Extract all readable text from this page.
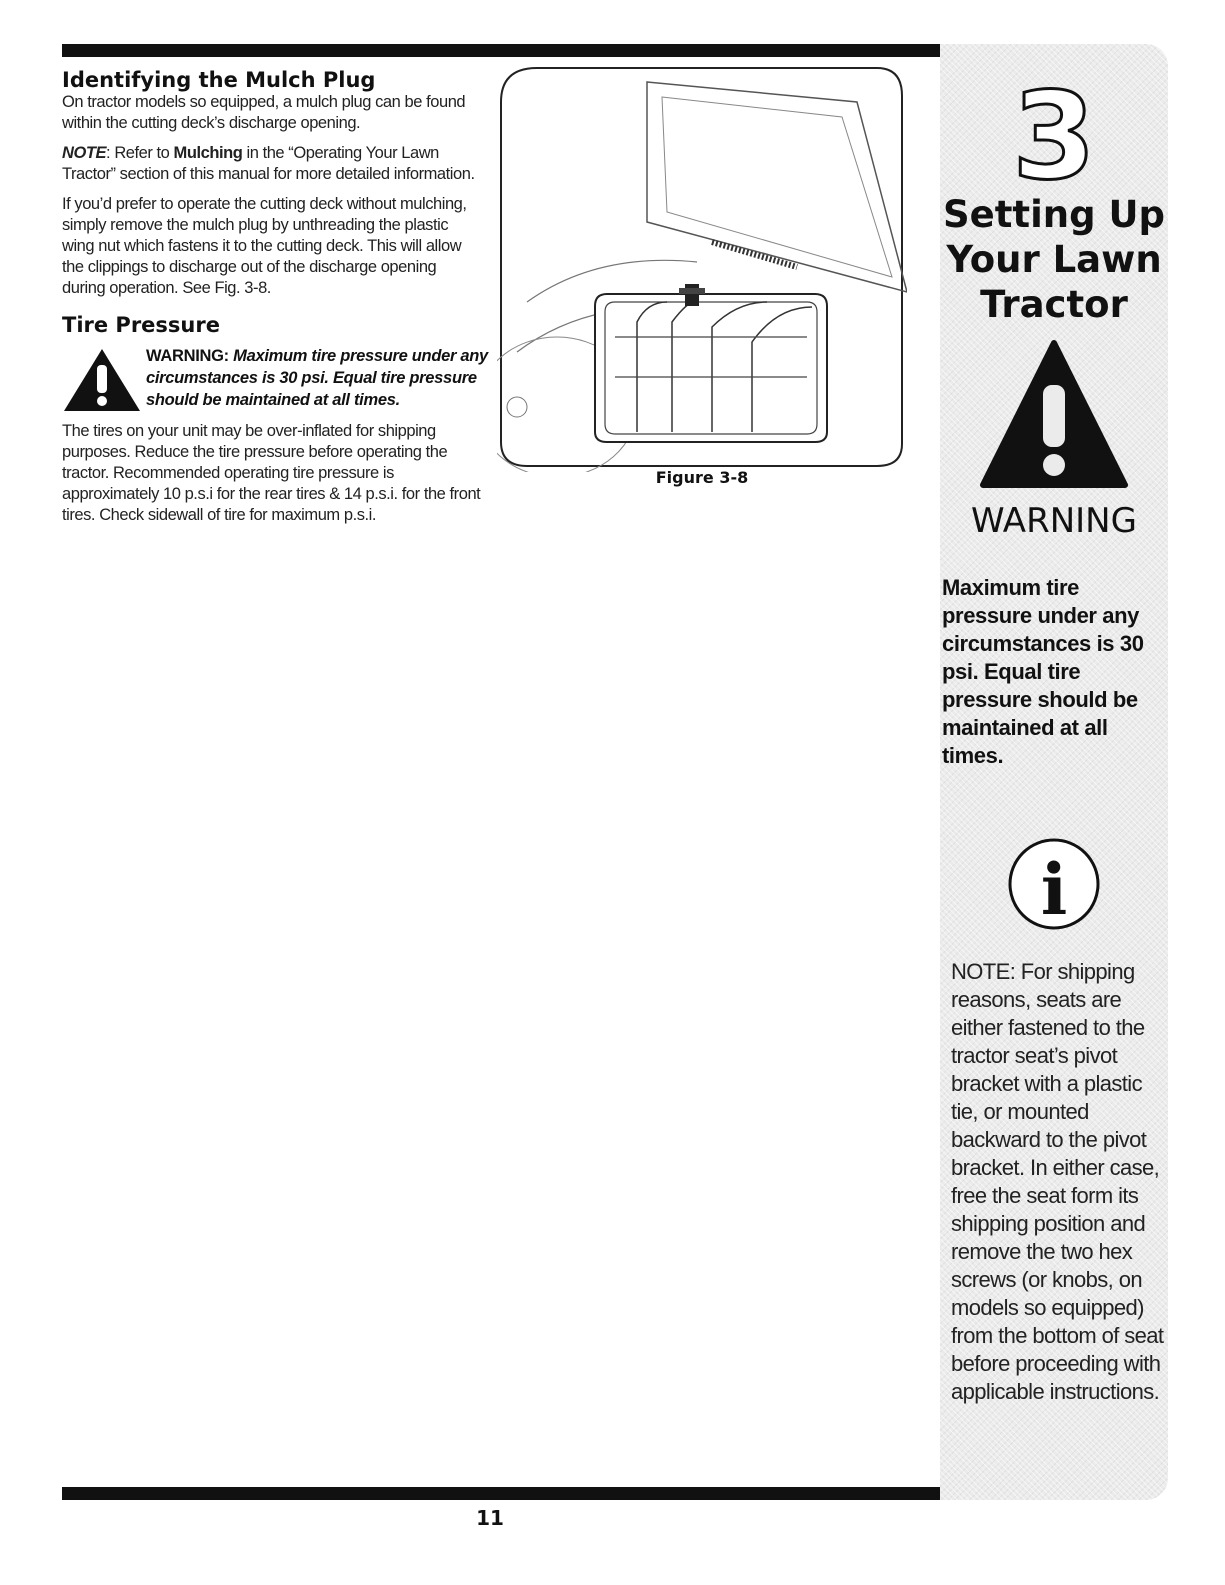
Identifying the Mulch Plug

On tractor models so equipped, a mulch plug can be found within the cutting deck’s discharge opening.

NOTE: Refer to Mulching in the “Operating Your Lawn Tractor” section of this manual for more detailed information.

If you’d prefer to operate the cutting deck without mulching, simply remove the mulch plug by unthreading the plastic wing nut which fastens it to the cutting deck. This will allow the clippings to discharge out of the discharge opening during operation. See Fig. 3-8.

Tire Pressure
WARNING: Maximum tire pressure under any circumstances is 30 psi. Equal tire pressure should be maintained at all times.

The tires on your unit may be over-inflated for shipping purposes. Reduce the tire pressure before operating the tractor. Recommended operating tire pressure is approximately 10 p.s.i for the rear tires & 14 p.s.i. for the front tires. Check sidewall of tire for maximum p.s.i.

Figure 3-8
3
Setting Up
Your Lawn
Tractor
WARNING
Maximum tire pressure under any circumstances is 30 psi. Equal tire pressure should be maintained at all times.
i
NOTE: For shipping reasons, seats are either fastened to the tractor seat’s pivot bracket with a plastic tie, or mounted backward to the pivot bracket. In either case, free the seat form its shipping position and remove the two hex screws (or knobs, on models so equipped) from the bottom of seat before proceeding with applicable instructions.
11
